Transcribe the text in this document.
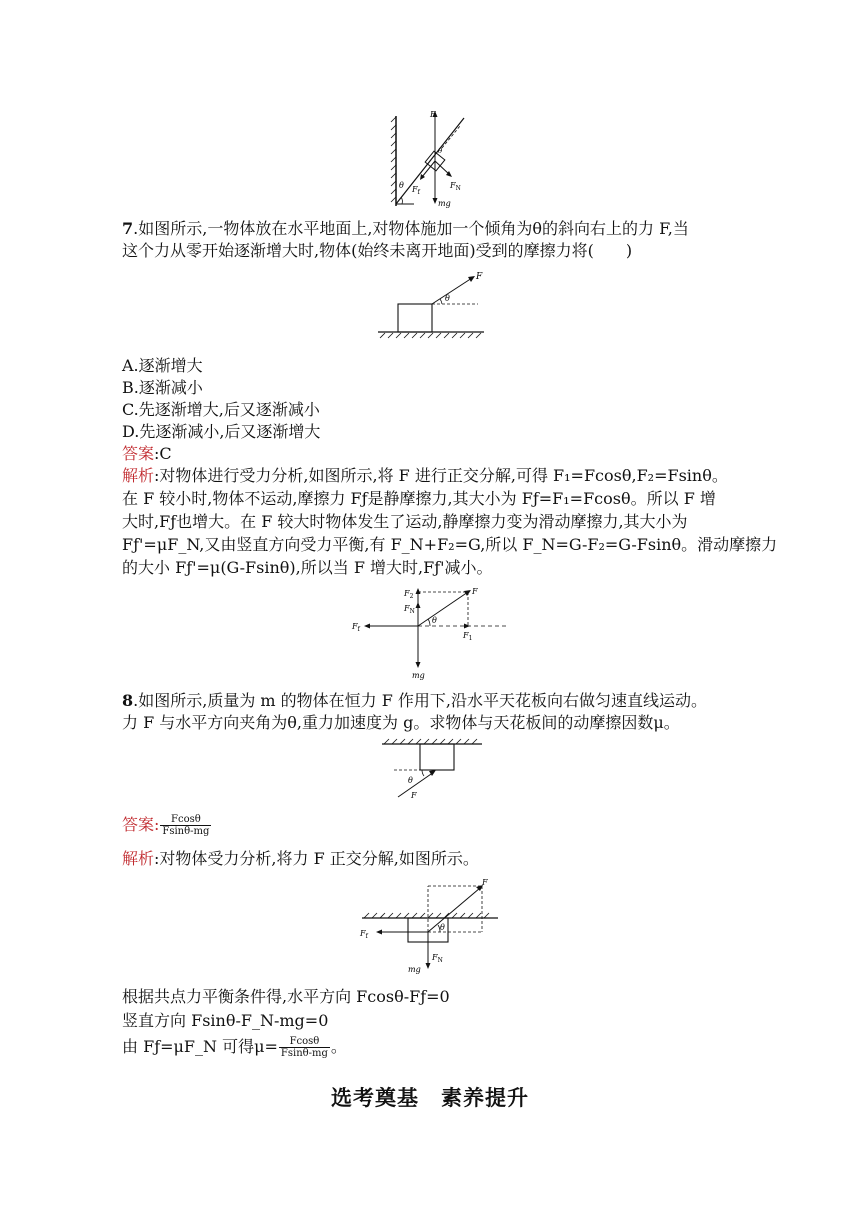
θ
F
mg
$F_N$
$F_f$
θ
7.如图所示,一物体放在水平地面上,对物体施加一个倾角为θ的斜向右上的力 F,当
这个力从零开始逐渐增大时,物体(始终未离开地面)受到的摩擦力将(　　)
F
θ
A.逐渐增大
B.逐渐减小
C.先逐渐增大,后又逐渐减小
D.先逐渐减小,后又逐渐增大
答案:C
解析:对物体进行受力分析,如图所示,将 F 进行正交分解,可得 F₁=Fcosθ,F₂=Fsinθ。
在 F 较小时,物体不运动,摩擦力 Fƒ是静摩擦力,其大小为 Fƒ=F₁=Fcosθ。所以 F 增
大时,Fƒ也增大。在 F 较大时物体发生了运动,静摩擦力变为滑动摩擦力,其大小为
Fƒ'=μF_N,又由竖直方向受力平衡,有 F_N+F₂=G,所以 F_N=G-F₂=G-Fsinθ。滑动摩擦力
的大小 Fƒ'=μ(G-Fsinθ),所以当 F 增大时,Fƒ'减小。
$F_f$
$F_2$
$F_N$
mg
F
$F_1$
θ
8.如图所示,质量为 m 的物体在恒力 F 作用下,沿水平天花板向右做匀速直线运动。
力 F 与水平方向夹角为θ,重力加速度为 g。求物体与天花板间的动摩擦因数μ。
F
θ
答案: $\frac{Fcos\theta}{Fsin\theta-mg}$
解析:对物体受力分析,将力 F 正交分解,如图所示。
$F_f$
F
mg
$F_N$
θ
根据共点力平衡条件得,水平方向 Fcosθ-Fƒ=0
竖直方向 Fsinθ-F_N-mg=0
由 Fƒ=μF_N 可得$\mu= \frac{Fcos\theta}{Fsin\theta-mg}$ 。
选考奠基　素养提升
